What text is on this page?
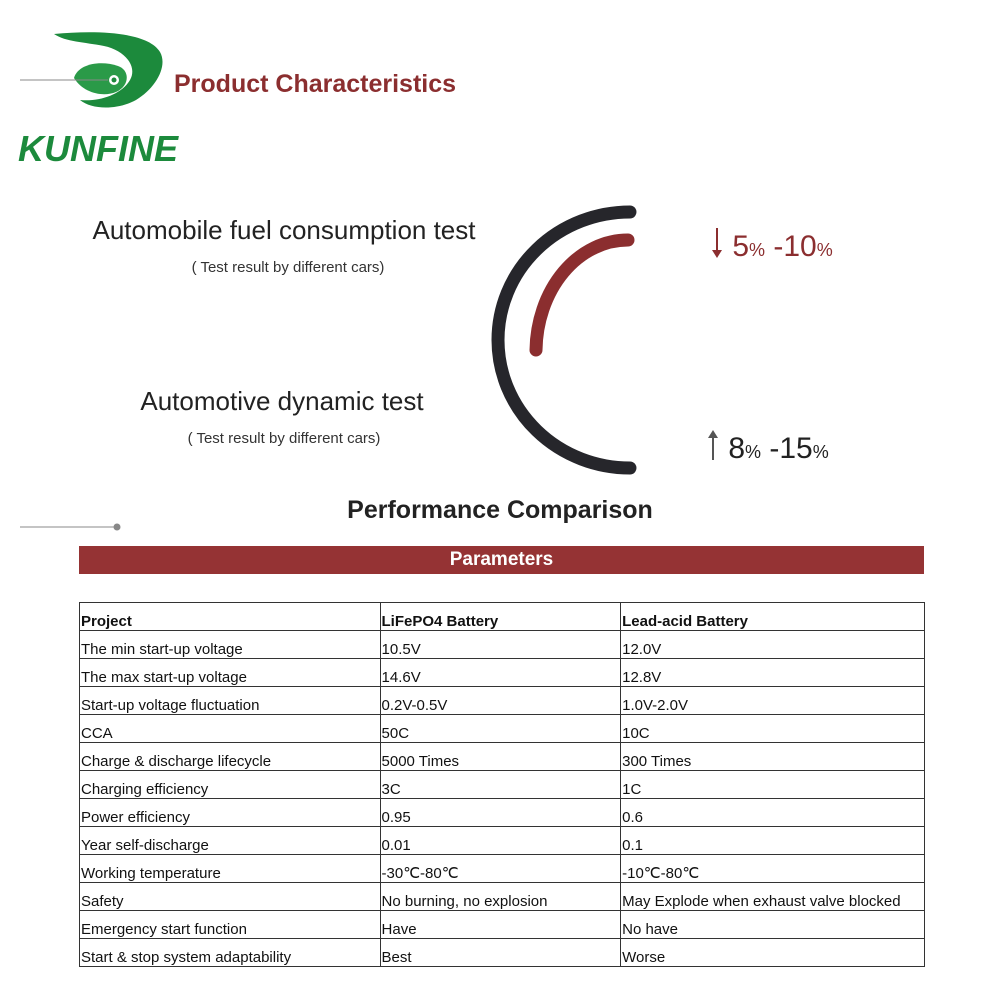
Product Characteristics
KUNFINE
Automobile fuel consumption test
( Test result by different cars)
Automotive dynamic test
( Test result by different cars)
5% -10%
8% -15%
Performance Comparison
Parameters
Project	LiFePO4 Battery	Lead-acid Battery
The min start-up voltage	10.5V	12.0V
The max start-up voltage	14.6V	12.8V
Start-up voltage fluctuation	0.2V-0.5V	1.0V-2.0V
CCA	50C	10C
Charge & discharge lifecycle	5000 Times	300 Times
Charging efficiency	3C	1C
Power efficiency	0.95	0.6
Year self-discharge	0.01	0.1
Working temperature	-30℃-80℃	-10℃-80℃
Safety	No burning, no explosion	May Explode when exhaust valve blocked
Emergency start function	Have	No have
Start & stop system adaptability	Best	Worse
